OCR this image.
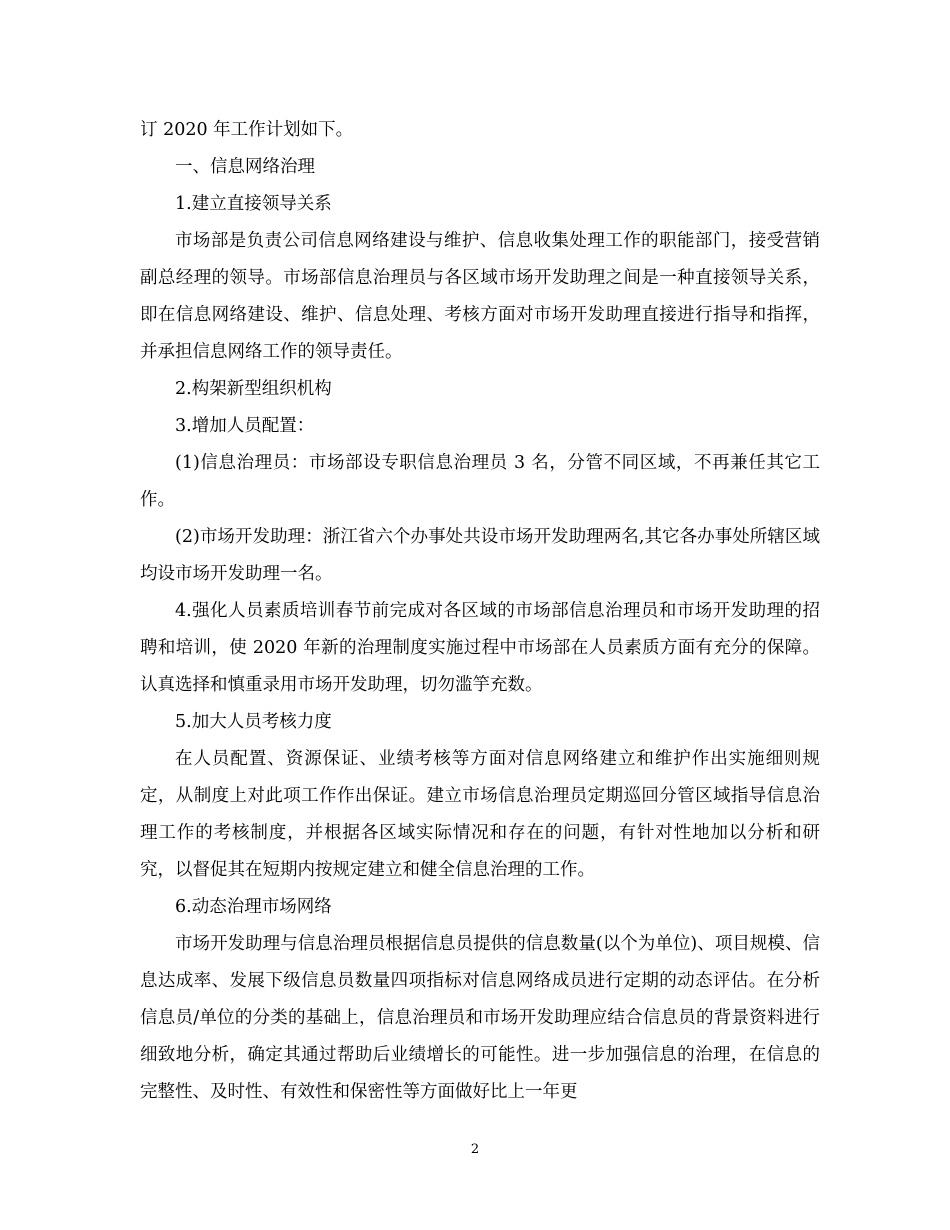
订 2020 年工作计划如下。

一、信息网络治理

1.建立直接领导关系

市场部是负责公司信息网络建设与维护、信息收集处理工作的职能部门，接受营销副总经理的领导。市场部信息治理员与各区域市场开发助理之间是一种直接领导关系，即在信息网络建设、维护、信息处理、考核方面对市场开发助理直接进行指导和指挥，并承担信息网络工作的领导责任。

2.构架新型组织机构

3.增加人员配置：

(1)信息治理员：市场部设专职信息治理员 3 名，分管不同区域，不再兼任其它工作。

(2)市场开发助理：浙江省六个办事处共设市场开发助理两名,其它各办事处所辖区域均设市场开发助理一名。

4.强化人员素质培训春节前完成对各区域的市场部信息治理员和市场开发助理的招聘和培训，使 2020 年新的治理制度实施过程中市场部在人员素质方面有充分的保障。认真选择和慎重录用市场开发助理，切勿滥竽充数。

5.加大人员考核力度

在人员配置、资源保证、业绩考核等方面对信息网络建立和维护作出实施细则规定，从制度上对此项工作作出保证。建立市场信息治理员定期巡回分管区域指导信息治理工作的考核制度，并根据各区域实际情况和存在的问题，有针对性地加以分析和研究，以督促其在短期内按规定建立和健全信息治理的工作。

6.动态治理市场网络

市场开发助理与信息治理员根据信息员提供的信息数量(以个为单位)、项目规模、信息达成率、发展下级信息员数量四项指标对信息网络成员进行定期的动态评估。在分析信息员/单位的分类的基础上，信息治理员和市场开发助理应结合信息员的背景资料进行细致地分析，确定其通过帮助后业绩增长的可能性。进一步加强信息的治理，在信息的完整性、及时性、有效性和保密性等方面做好比上一年更

2
